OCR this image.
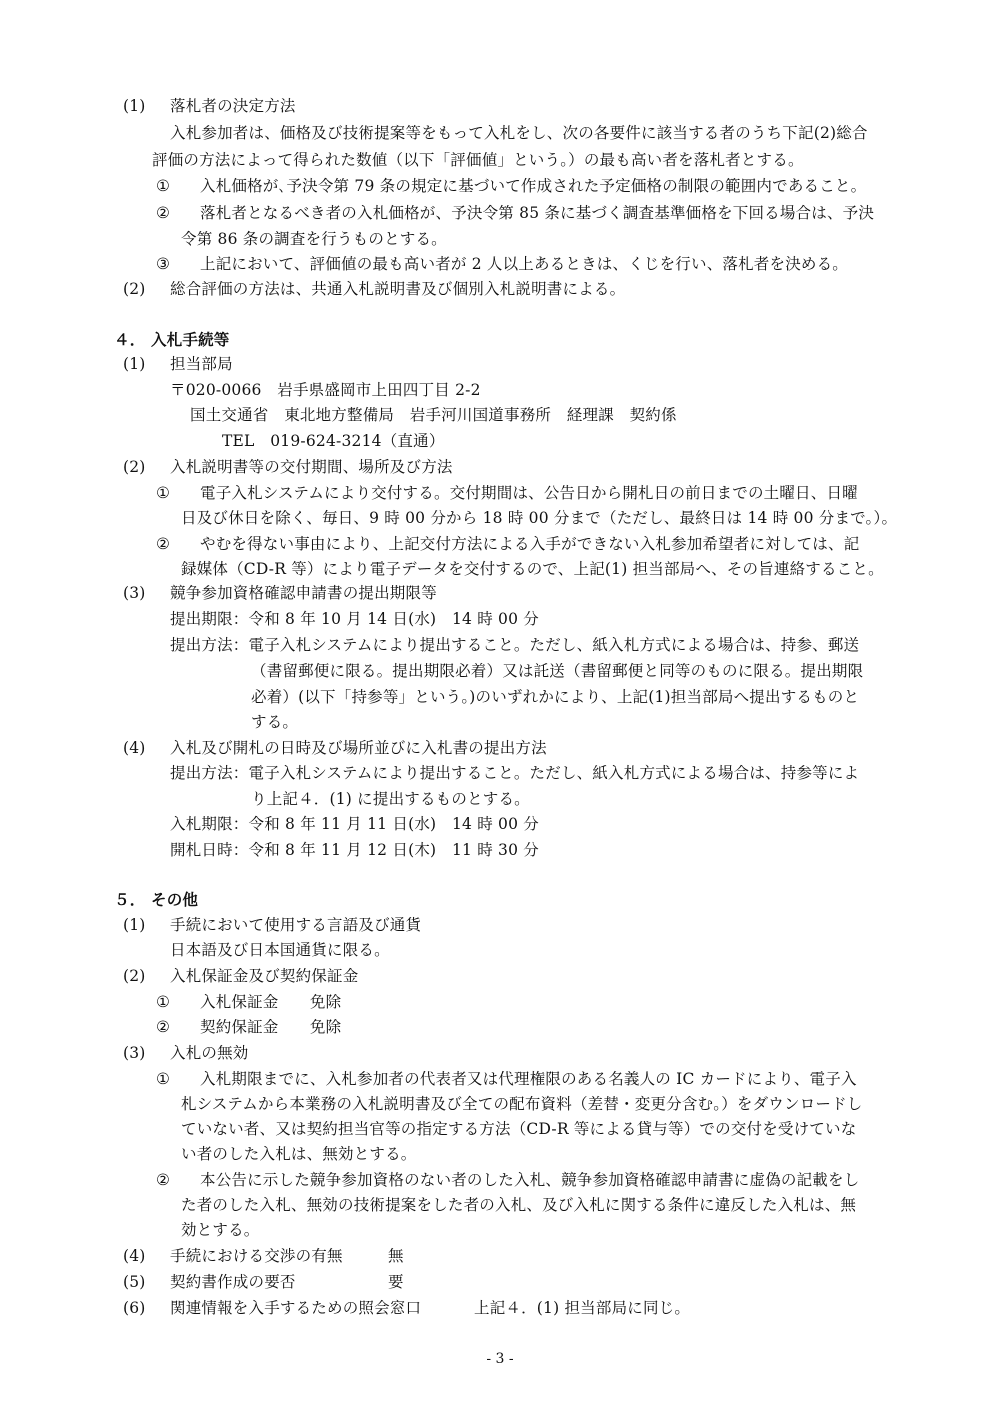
(1) 落札者の決定方法
入札参加者は、価格及び技術提案等をもって入札をし、次の各要件に該当する者のうち下記(2)総合
評価の方法によって得られた数値（以下「評価値」という。）の最も高い者を落札者とする。
① 入札価格が､予決令第 79 条の規定に基づいて作成された予定価格の制限の範囲内であること。
② 落札者となるべき者の入札価格が、予決令第 85 条に基づく調査基準価格を下回る場合は、予決
令第 86 条の調査を行うものとする。
③ 上記において、評価値の最も高い者が 2 人以上あるときは、くじを行い、落札者を決める。
(2) 総合評価の方法は、共通入札説明書及び個別入札説明書による。
４． 入札手続等
(1) 担当部局
〒020-0066　岩手県盛岡市上田四丁目 2-2
国土交通省　東北地方整備局　岩手河川国道事務所　経理課　契約係
TEL　019-624-3214（直通）
(2) 入札説明書等の交付期間、場所及び方法
① 電子入札システムにより交付する。交付期間は、公告日から開札日の前日までの土曜日、日曜
日及び休日を除く、毎日、9 時 00 分から 18 時 00 分まで（ただし、最終日は 14 時 00 分まで。）。
② やむを得ない事由により、上記交付方法による入手ができない入札参加希望者に対しては、記
録媒体（CD-R 等）により電子データを交付するので、上記(1) 担当部局へ、その旨連絡すること。
(3) 競争参加資格確認申請書の提出期限等
提出期限：令和 8 年 10 月 14 日(水)　14 時 00 分
提出方法：電子入札システムにより提出すること。ただし、紙入札方式による場合は、持参、郵送
（書留郵便に限る。提出期限必着）又は託送（書留郵便と同等のものに限る。提出期限
必着）(以下「持参等」という。)のいずれかにより、上記(1)担当部局へ提出するものと
する。
(4) 入札及び開札の日時及び場所並びに入札書の提出方法
提出方法：電子入札システムにより提出すること。ただし、紙入札方式による場合は、持参等によ
り上記４．(1) に提出するものとする。
入札期限：令和 8 年 11 月 11 日(水)　14 時 00 分
開札日時：令和 8 年 11 月 12 日(木)　11 時 30 分
５． その他
(1) 手続において使用する言語及び通貨
日本語及び日本国通貨に限る。
(2) 入札保証金及び契約保証金
① 入札保証金　　免除
② 契約保証金　　免除
(3) 入札の無効
① 入札期限までに、入札参加者の代表者又は代理権限のある名義人の IC カードにより、電子入
札システムから本業務の入札説明書及び全ての配布資料（差替・変更分含む。）をダウンロードし
ていない者、又は契約担当官等の指定する方法（CD-R 等による貸与等）での交付を受けていな
い者のした入札は、無効とする。
② 本公告に示した競争参加資格のない者のした入札、競争参加資格確認申請書に虚偽の記載をし
た者のした入札、無効の技術提案をした者の入札、及び入札に関する条件に違反した入札は、無
効とする。
(4) 手続における交渉の有無	無
(5) 契約書作成の要否	要
(6) 関連情報を入手するための照会窓口	上記４．(1) 担当部局に同じ。
- 3 -
